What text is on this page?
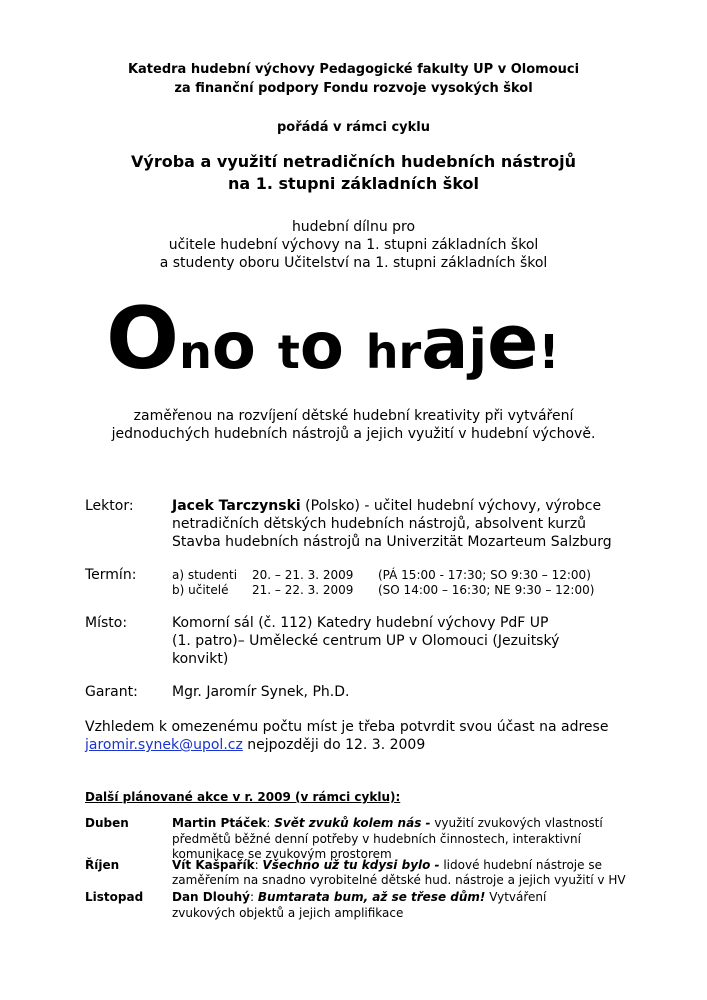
Katedra hudební výchovy Pedagogické fakulty UP v Olomouci
za finanční podpory Fondu rozvoje vysokých škol
pořádá v rámci cyklu
Výroba a využití netradičních hudebních nástrojů
na 1. stupni základních škol
hudební dílnu pro
učitele hudební výchovy na 1. stupni základních škol
a studenty oboru Učitelství na 1. stupni základních škol
Ono to hraje!
zaměřenou na rozvíjení dětské hudební kreativity při vytváření
jednoduchých hudebních nástrojů a jejich využití v hudební výchově.
Lektor:	Jacek Tarczynski (Polsko) - učitel hudební výchovy, výrobce
netradičních dětských hudebních nástrojů, absolvent kurzů
Stavba hudebních nástrojů na Univerzität Mozarteum Salzburg
Termín:	a) studenti 20. – 21. 3. 2009 (PÁ 15:00 - 17:30; SO 9:30 – 12:00)
b) učitelé 21. – 22. 3. 2009 (SO 14:00 – 16:30; NE 9:30 – 12:00)
Místo:	Komorní sál (č. 112) Katedry hudební výchovy PdF UP
(1. patro)– Umělecké centrum UP v Olomouci (Jezuitský
konvikt)
Garant: Mgr. Jaromír Synek, Ph.D.
Vzhledem k omezenému počtu míst je třeba potvrdit svou účast na adrese
jaromir.synek@upol.cz nejpozději do 12. 3. 2009
Další plánované akce v r. 2009 (v rámci cyklu):
Duben	Martin Ptáček: Svět zvuků kolem nás - využití zvukových vlastností
předmětů běžné denní potřeby v hudebních činnostech, interaktivní
komunikace se zvukovým prostorem
Říjen	Vít Kašpařík: Všechno už tu kdysi bylo - lidové hudební nástroje se
zaměřením na snadno vyrobitelné dětské hud. nástroje a jejich využití v HV
Listopad Dan Dlouhý: Bumtarata bum, až se třese dům! Vytváření
zvukových objektů a jejich amplifikace
